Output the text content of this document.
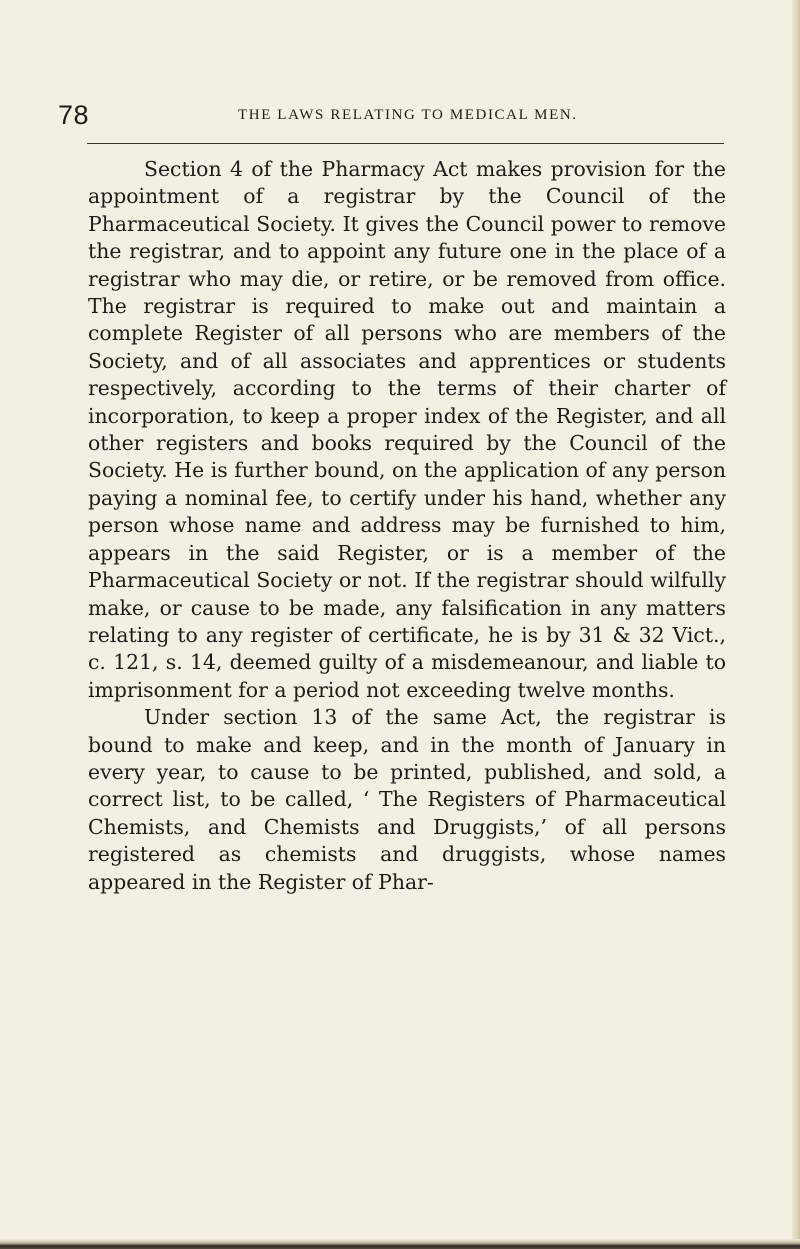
78	THE LAWS RELATING TO MEDICAL MEN.

Section 4 of the Pharmacy Act makes provision for the appointment of a registrar by the Council of the Pharmaceutical Society. It gives the Council power to remove the registrar, and to appoint any future one in the place of a registrar who may die, or retire, or be removed from office. The registrar is required to make out and maintain a complete Register of all persons who are members of the Society, and of all associates and apprentices or students respectively, according to the terms of their charter of incorporation, to keep a proper index of the Register, and all other registers and books required by the Council of the Society. He is further bound, on the application of any person paying a nominal fee, to certify under his hand, whether any person whose name and address may be furnished to him, appears in the said Register, or is a member of the Pharmaceutical Society or not. If the registrar should wilfully make, or cause to be made, any falsification in any matters relating to any register of certificate, he is by 31 & 32 Vict., c. 121, s. 14, deemed guilty of a misdemeanour, and liable to imprisonment for a period not exceeding twelve months.

Under section 13 of the same Act, the registrar is bound to make and keep, and in the month of January in every year, to cause to be printed, published, and sold, a correct list, to be called, ‘ The Registers of Pharmaceutical Chemists, and Chemists and Druggists,’ of all persons registered as chemists and druggists, whose names appeared in the Register of Phar-
